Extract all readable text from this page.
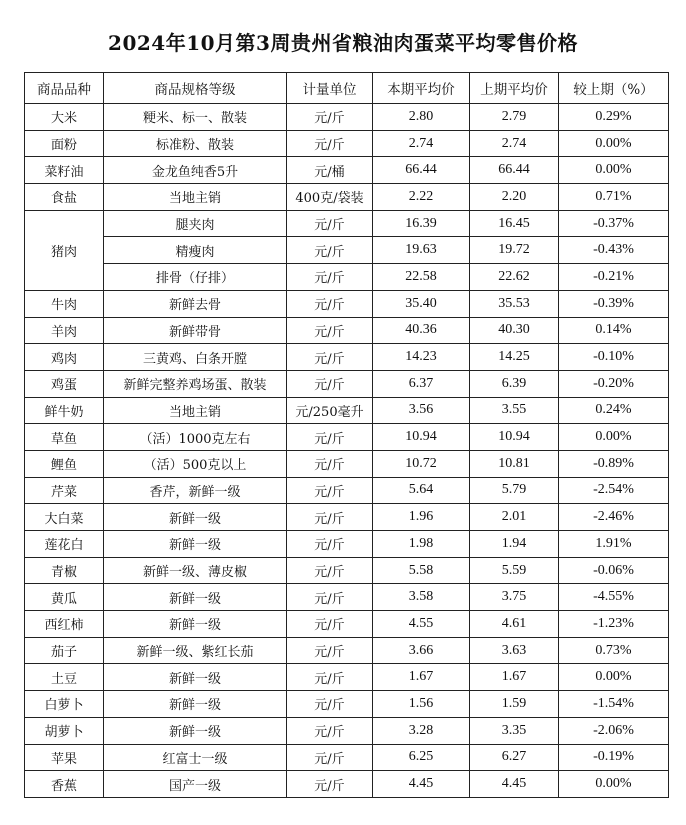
2024年10月第3周贵州省粮油肉蛋菜平均零售价格
商品品种	商品规格等级	计量单位	本期平均价	上期平均价	较上期（%）
大米	粳米、标一、散装	元/斤	2.80	2.79	0.29%
面粉	标准粉、散装	元/斤	2.74	2.74	0.00%
菜籽油	金龙鱼纯香5升	元/桶	66.44	66.44	0.00%
食盐	当地主销	400克/袋装	2.22	2.20	0.71%
猪肉	腿夹肉	元/斤	16.39	16.45	-0.37%
	精瘦肉	元/斤	19.63	19.72	-0.43%
	排骨（仔排）	元/斤	22.58	22.62	-0.21%
牛肉	新鲜去骨	元/斤	35.40	35.53	-0.39%
羊肉	新鲜带骨	元/斤	40.36	40.30	0.14%
鸡肉	三黄鸡、白条开膛	元/斤	14.23	14.25	-0.10%
鸡蛋	新鲜完整养鸡场蛋、散装	元/斤	6.37	6.39	-0.20%
鲜牛奶	当地主销	元/250毫升	3.56	3.55	0.24%
草鱼	（活）1000克左右	元/斤	10.94	10.94	0.00%
鲤鱼	（活）500克以上	元/斤	10.72	10.81	-0.89%
芹菜	香芹，新鲜一级	元/斤	5.64	5.79	-2.54%
大白菜	新鲜一级	元/斤	1.96	2.01	-2.46%
莲花白	新鲜一级	元/斤	1.98	1.94	1.91%
青椒	新鲜一级、薄皮椒	元/斤	5.58	5.59	-0.06%
黄瓜	新鲜一级	元/斤	3.58	3.75	-4.55%
西红柿	新鲜一级	元/斤	4.55	4.61	-1.23%
茄子	新鲜一级、紫红长茄	元/斤	3.66	3.63	0.73%
土豆	新鲜一级	元/斤	1.67	1.67	0.00%
白萝卜	新鲜一级	元/斤	1.56	1.59	-1.54%
胡萝卜	新鲜一级	元/斤	3.28	3.35	-2.06%
苹果	红富士一级	元/斤	6.25	6.27	-0.19%
香蕉	国产一级	元/斤	4.45	4.45	0.00%
